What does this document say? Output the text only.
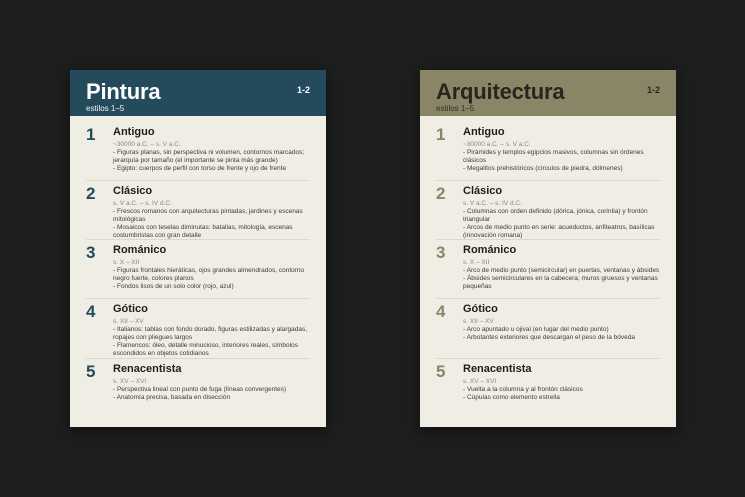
Pintura
estilos 1–5
1-2
1	Antiguo
~30000 a.C. – s. V a.C.
- Figuras planas, sin perspectiva ni volumen, contornos marcados; jerarquía por tamaño (el importante se pinta más grande)
- Egipto: cuerpos de perfil con torso de frente y ojo de frente
2	Clásico
s. V a.C. – s. IV d.C.
- Frescos romanos con arquitecturas pintadas, jardines y escenas mitológicas
- Mosaicos con teselas diminutas: batallas, mitología, escenas costumbristas con gran detalle
3	Románico
s. X – XII
- Figuras frontales hieráticas, ojos grandes almendrados, contorno negro fuerte, colores planos
- Fondos lisos de un solo color (rojo, azul)
4	Gótico
s. XII – XV
- Italianos: tablas con fondo dorado, figuras estilizadas y alargadas, ropajes con pliegues largos
- Flamencos: óleo, detalle minucioso, interiores reales, símbolos escondidos en objetos cotidianos
5	Renacentista
s. XV – XVI
- Perspectiva lineal con punto de fuga (líneas convergentes)
- Anatomía precisa, basada en disección
Arquitectura
estilos 1–5
1-2
1	Antiguo
~30000 a.C. – s. V a.C.
- Pirámides y templos egipcios masivos, columnas sin órdenes clásicos
- Megalitos prehistóricos (círculos de piedra, dólmenes)
2	Clásico
s. V a.C. – s. IV d.C.
- Columnas con orden definido (dórica, jónica, corintia) y frontón triangular
- Arcos de medio punto en serie: acueductos, anfiteatros, basílicas (innovación romana)
3	Románico
s. X – XII
- Arco de medio punto (semicircular) en puertas, ventanas y ábsides
- Ábsides semicirculares en la cabecera; muros gruesos y ventanas pequeñas
4	Gótico
s. XII – XV
- Arco apuntado u ojival (en lugar del medio punto)
- Arbotantes exteriores que descargan el peso de la bóveda
5	Renacentista
s. XV – XVI
- Vuelta a la columna y al frontón clásicos
- Cúpulas como elemento estrella
